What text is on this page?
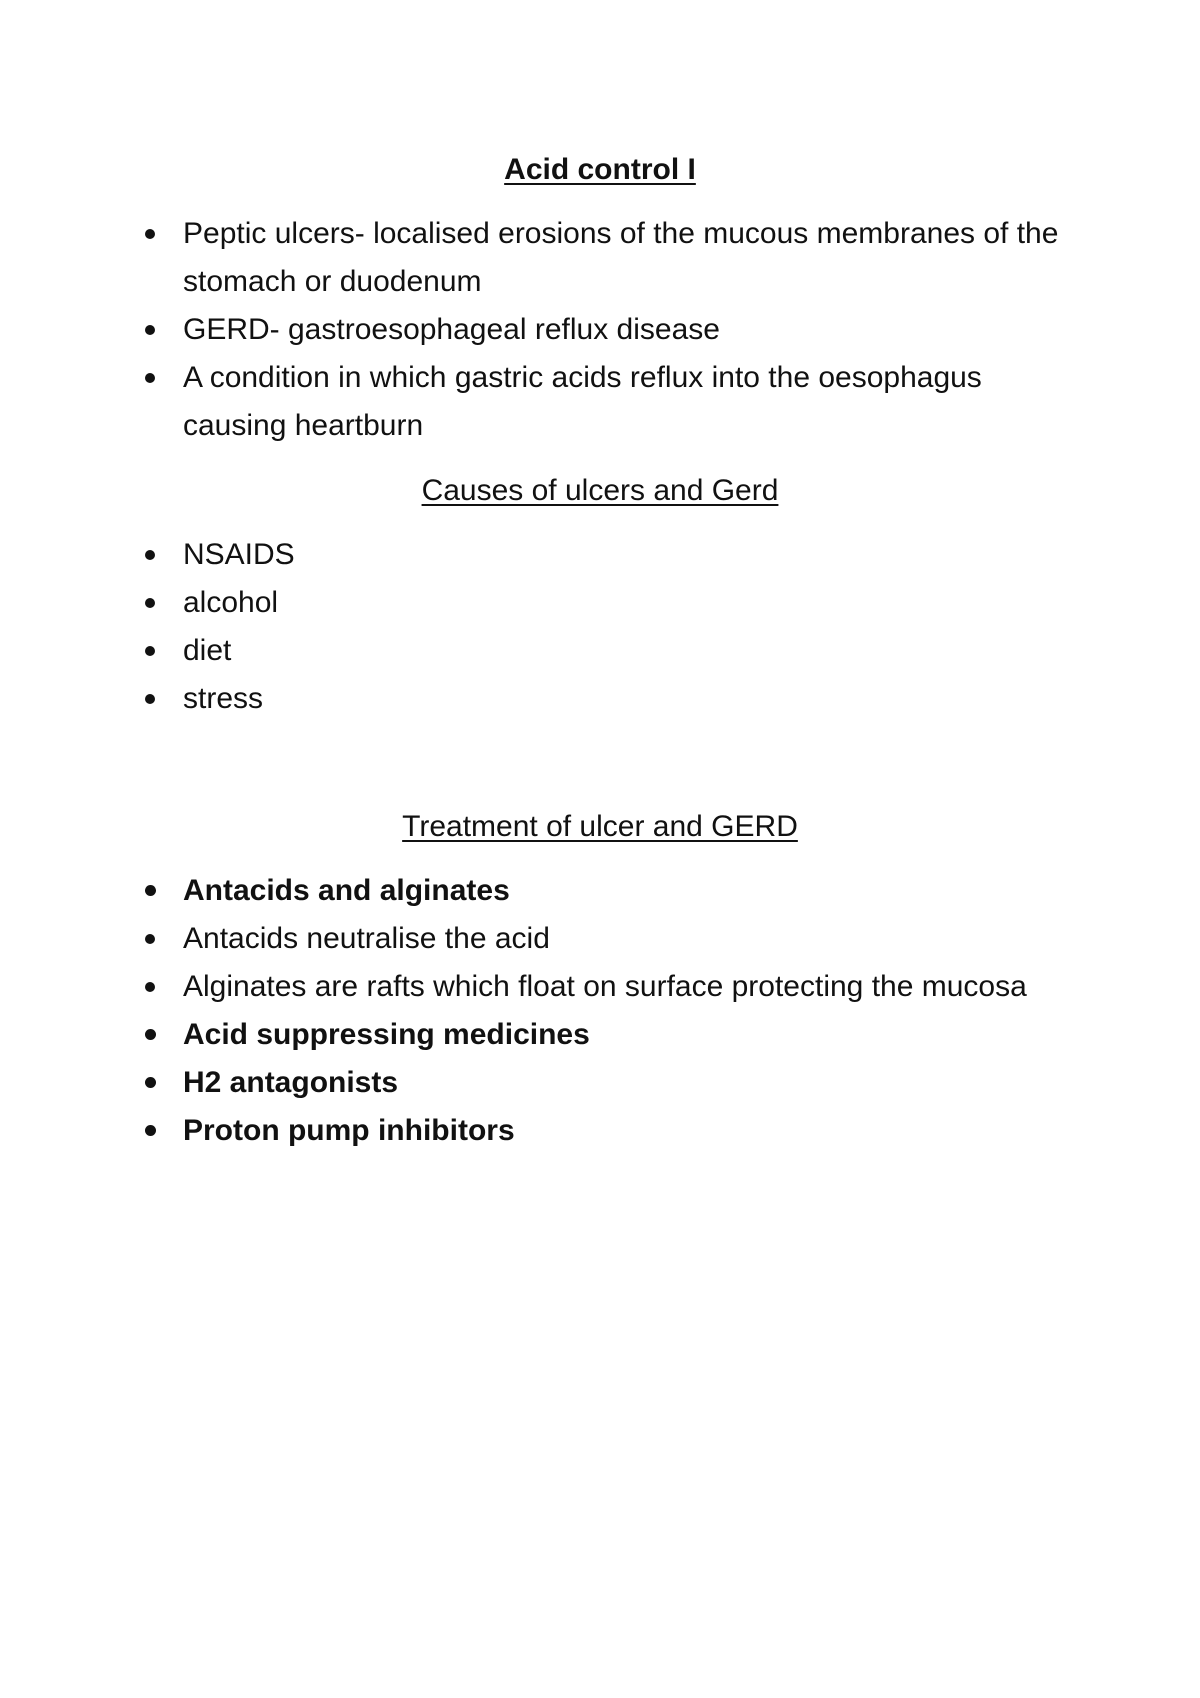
Acid control I
Peptic ulcers- localised erosions of the mucous membranes of the stomach or duodenum
GERD- gastroesophageal reflux disease
A condition in which gastric acids reflux into the oesophagus causing heartburn
Causes of ulcers and Gerd
NSAIDS
alcohol
diet
stress
Treatment of ulcer and GERD
Antacids and alginates
Antacids neutralise the acid
Alginates are rafts which float on surface protecting the mucosa
Acid suppressing medicines
H2 antagonists
Proton pump inhibitors
